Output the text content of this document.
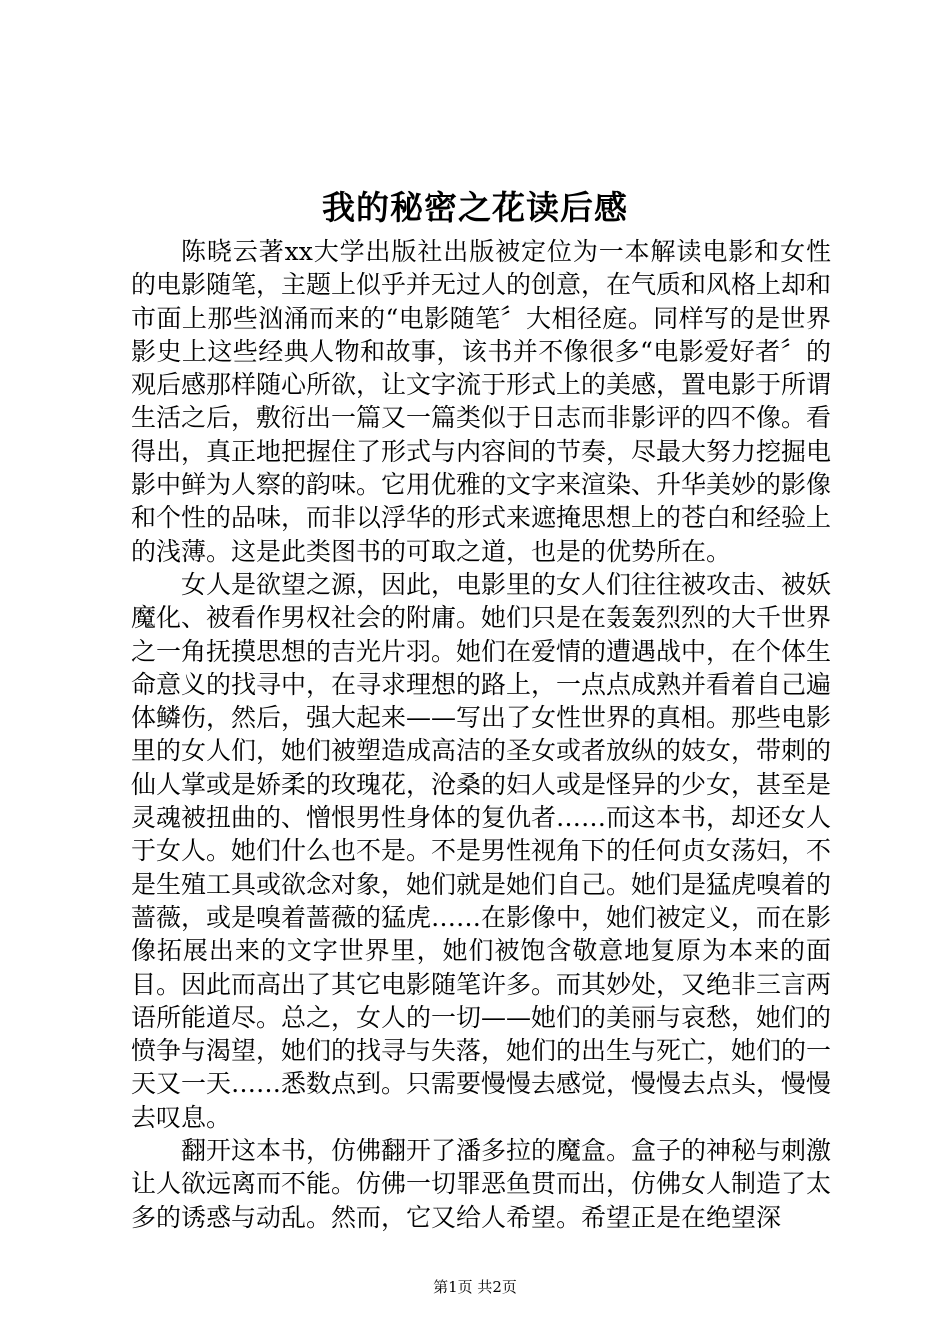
我的秘密之花读后感

陈晓云著xx大学出版社出版被定位为一本解读电影和女性的电影随笔，主题上似乎并无过人的创意，在气质和风格上却和市面上那些汹涌而来的“电影随笔〞大相径庭。同样写的是世界影史上这些经典人物和故事，该书并不像很多“电影爱好者〞的观后感那样随心所欲，让文字流于形式上的美感，置电影于所谓生活之后，敷衍出一篇又一篇类似于日志而非影评的四不像。看得出，真正地把握住了形式与内容间的节奏，尽最大努力挖掘电影中鲜为人察的韵味。它用优雅的文字来渲染、升华美妙的影像和个性的品味，而非以浮华的形式来遮掩思想上的苍白和经验上的浅薄。这是此类图书的可取之道，也是的优势所在。

女人是欲望之源，因此，电影里的女人们往往被攻击、被妖魔化、被看作男权社会的附庸。她们只是在轰轰烈烈的大千世界之一角抚摸思想的吉光片羽。她们在爱情的遭遇战中，在个体生命意义的找寻中，在寻求理想的路上，一点点成熟并看着自己遍体鳞伤，然后，强大起来——写出了女性世界的真相。那些电影里的女人们，她们被塑造成高洁的圣女或者放纵的妓女，带刺的仙人掌或是娇柔的玫瑰花，沧桑的妇人或是怪异的少女，甚至是灵魂被扭曲的、憎恨男性身体的复仇者……而这本书，却还女人于女人。她们什么也不是。不是男性视角下的任何贞女荡妇，不是生殖工具或欲念对象，她们就是她们自己。她们是猛虎嗅着的蔷薇，或是嗅着蔷薇的猛虎……在影像中，她们被定义，而在影像拓展出来的文字世界里，她们被饱含敬意地复原为本来的面目。因此而高出了其它电影随笔许多。而其妙处，又绝非三言两语所能道尽。总之，女人的一切——她们的美丽与哀愁，她们的愤争与渴望，她们的找寻与失落，她们的出生与死亡，她们的一天又一天……悉数点到。只需要慢慢去感觉，慢慢去点头，慢慢去叹息。

翻开这本书，仿佛翻开了潘多拉的魔盒。盒子的神秘与刺激让人欲远离而不能。仿佛一切罪恶鱼贯而出，仿佛女人制造了太多的诱惑与动乱。然而，它又给人希望。希望正是在绝望深

第1页 共2页
